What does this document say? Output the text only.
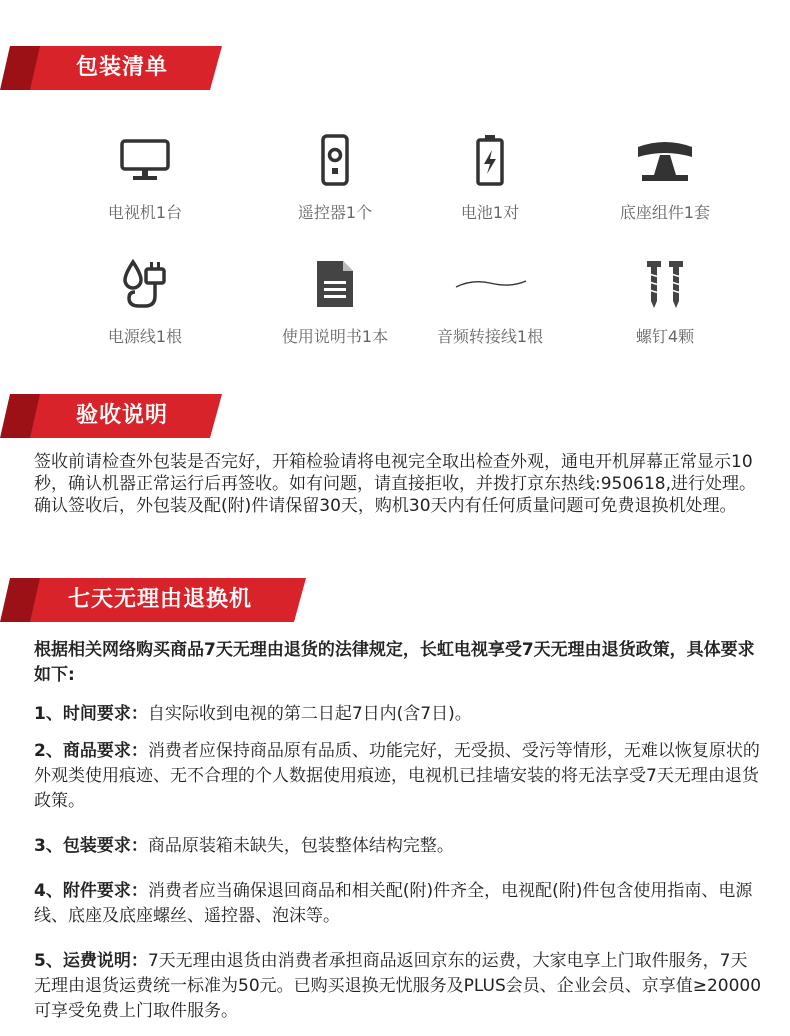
包装清单
电视机1台	遥控器1个	电池1对	底座组件1套
电源线1根	使用说明书1本	音频转接线1根	螺钉4颗
验收说明
签收前请检查外包装是否完好，开箱检验请将电视完全取出检查外观，通电开机屏幕正常显示10秒，确认机器正常运行后再签收。如有问题，请直接拒收，并拨打京东热线:950618,进行处理。确认签收后，外包装及配(附)件请保留30天，购机30天内有任何质量问题可免费退换机处理。
七天无理由退换机
根据相关网络购买商品7天无理由退货的法律规定，长虹电视享受7天无理由退货政策，具体要求如下:
1、时间要求：自实际收到电视的第二日起7日内(含7日)。
2、商品要求：消费者应保持商品原有品质、功能完好，无受损、受污等情形，无难以恢复原状的外观类使用痕迹、无不合理的个人数据使用痕迹，电视机已挂墙安装的将无法享受7天无理由退货政策。
3、包装要求：商品原装箱未缺失，包装整体结构完整。
4、附件要求：消费者应当确保退回商品和相关配(附)件齐全，电视配(附)件包含使用指南、电源线、底座及底座螺丝、遥控器、泡沫等。
5、运费说明：7天无理由退货由消费者承担商品返回京东的运费，大家电享上门取件服务，7天无理由退货运费统一标准为50元。已购买退换无忧服务及PLUS会员、企业会员、京享值≥20000可享受免费上门取件服务。
